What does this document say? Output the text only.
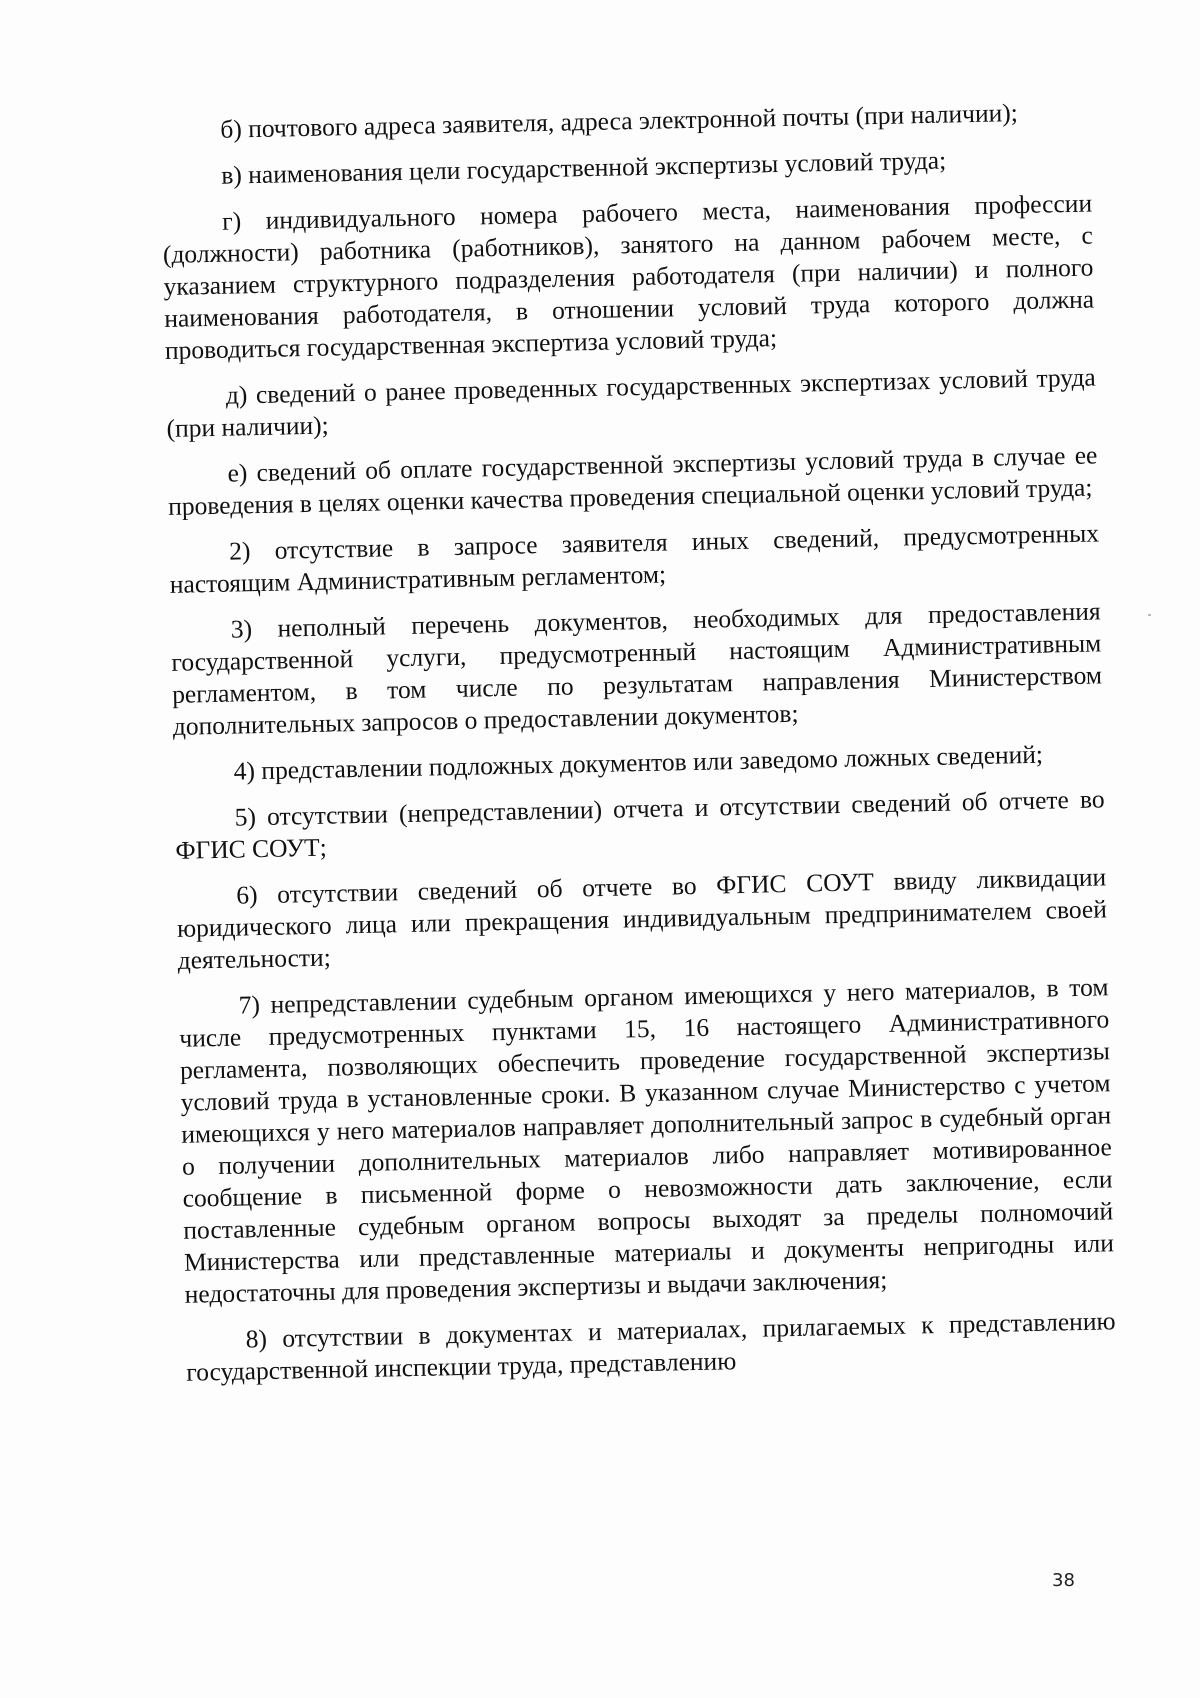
б) почтового адреса заявителя, адреса электронной почты (при наличии);

в) наименования цели государственной экспертизы условий труда;

г) индивидуального номера рабочего места, наименования профессии (должности) работника (работников), занятого на данном рабочем месте, с указанием структурного подразделения работодателя (при наличии) и полного наименования работодателя, в отношении условий труда которого должна проводиться государственная экспертиза условий труда;

д) сведений о ранее проведенных государственных экспертизах условий труда (при наличии);

е) сведений об оплате государственной экспертизы условий труда в случае ее проведения в целях оценки качества проведения специальной оценки условий труда;

2) отсутствие в запросе заявителя иных сведений, предусмотренных настоящим Административным регламентом;

3) неполный перечень документов, необходимых для предоставления государственной услуги, предусмотренный настоящим Административным регламентом, в том числе по результатам направления Министерством дополнительных запросов о предоставлении документов;

4) представлении подложных документов или заведомо ложных сведений;

5) отсутствии (непредставлении) отчета и отсутствии сведений об отчете во ФГИС СОУТ;

6) отсутствии сведений об отчете во ФГИС СОУТ ввиду ликвидации юридического лица или прекращения индивидуальным предпринимателем своей деятельности;

7) непредставлении судебным органом имеющихся у него материалов, в том числе предусмотренных пунктами 15, 16 настоящего Административного регламента, позволяющих обеспечить проведение государственной экспертизы условий труда в установленные сроки. В указанном случае Министерство с учетом имеющихся у него материалов направляет дополнительный запрос в судебный орган о получении дополнительных материалов либо направляет мотивированное сообщение в письменной форме о невозможности дать заключение, если поставленные судебным органом вопросы выходят за пределы полномочий Министерства или представленные материалы и документы непригодны или недостаточны для проведения экспертизы и выдачи заключения;

8) отсутствии в документах и материалах, прилагаемых к представлению государственной инспекции труда, представлению

38
